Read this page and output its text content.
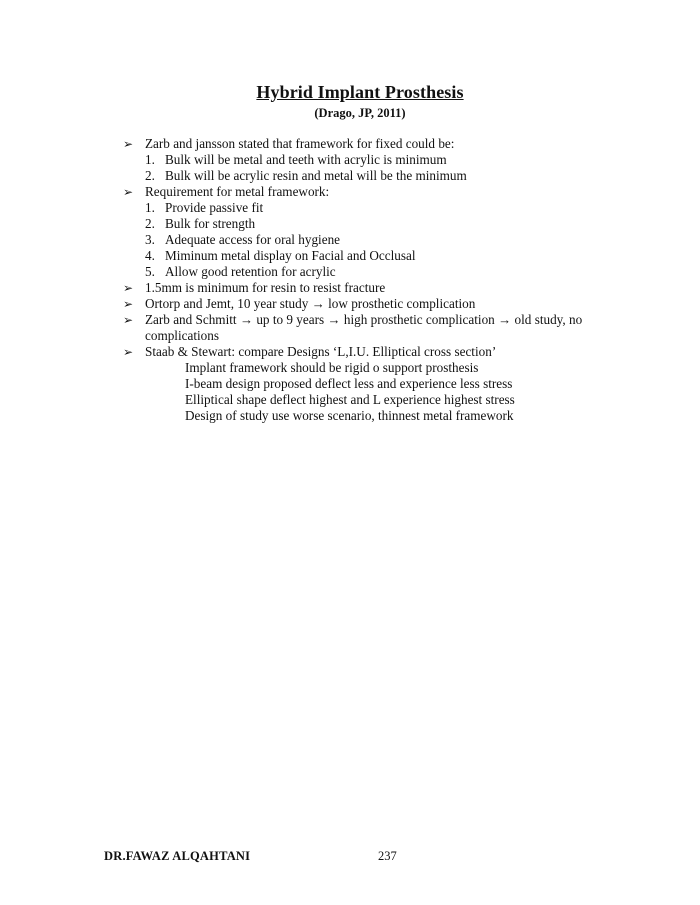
Hybrid Implant Prosthesis
(Drago, JP, 2011)
➢ Zarb and jansson stated that framework for fixed could be:
1. Bulk will be metal and teeth with acrylic is minimum
2. Bulk will be acrylic resin and metal will be the minimum
➢ Requirement for metal framework:
1. Provide passive fit
2. Bulk for strength
3. Adequate access for oral hygiene
4. Miminum metal display on Facial and Occlusal
5. Allow good retention for acrylic
➢ 1.5mm is minimum for resin to resist fracture
➢ Ortorp and Jemt, 10 year study → low prosthetic complication
➢ Zarb and Schmitt → up to 9 years → high prosthetic complication → old study, no complications
➢ Staab & Stewart: compare Designs ‘L,I.U. Elliptical cross section’
Implant framework should be rigid o support prosthesis
I-beam design proposed deflect less and experience less stress
Elliptical shape deflect highest and L experience highest stress
Design of study use worse scenario, thinnest metal framework
DR.FAWAZ ALQAHTANI	237
